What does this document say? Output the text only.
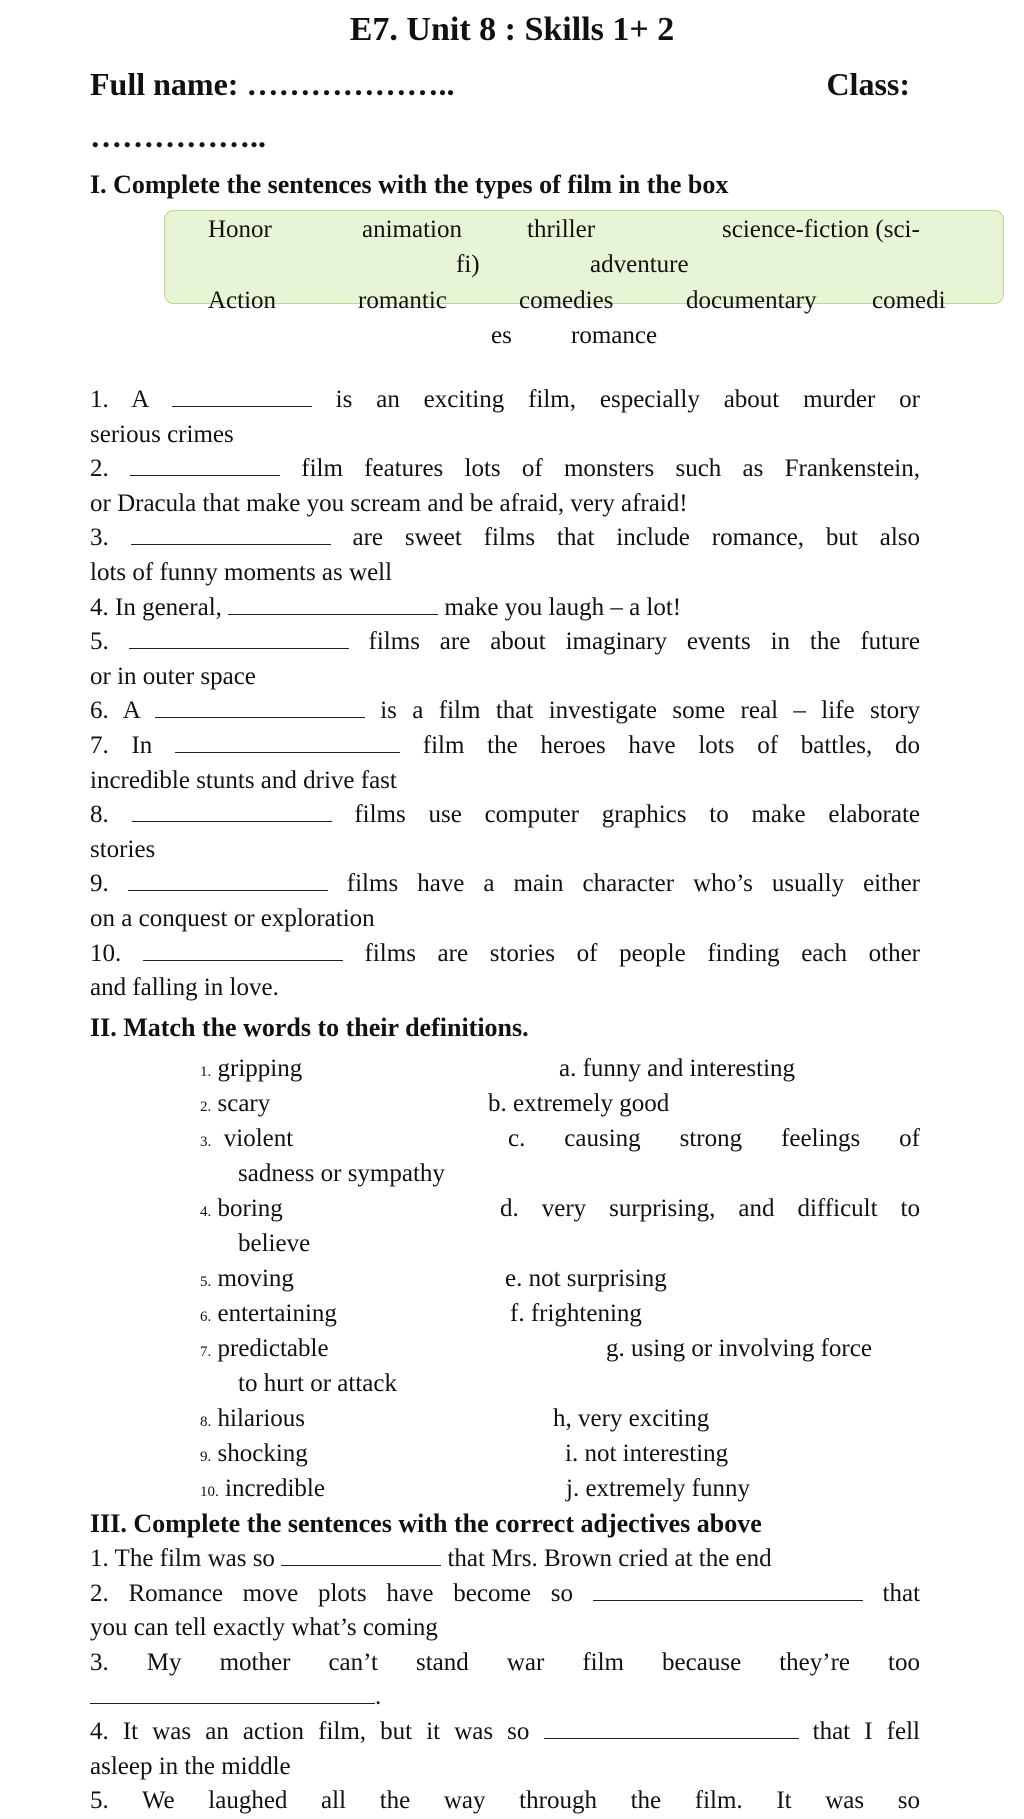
E7. Unit 8 : Skills 1+ 2
Full name: ………………..	Class:
……………..
I. Complete the sentences with the types of film in the box
Honor	animation	thriller	science-fiction (sci-
fi)	adventure
Action	romantic	comedies	documentary comedi
es romance
1. A	is an exciting film, especially about murder or
serious crimes
2.	film features lots of monsters such as Frankenstein,
or Dracula that make you scream and be afraid, very afraid!
3.	are sweet films that include romance, but also
lots of funny moments as well
4. In general,	make you laugh – a lot!
5.	films are about imaginary events in the future
or in outer space
6. A	is a film that investigate some real – life story
7. In	film the heroes have lots of battles, do
incredible stunts and drive fast
8.	films use computer graphics to make elaborate
stories
9.	films have a main character who’s usually either
on a conquest or exploration
10.	films are stories of people finding each other
and falling in love.
II. Match the words to their definitions.
1. gripping	a. funny and interesting
2. scary	b. extremely good
3. violent	c. causing strong feelings of
sadness or sympathy
4. boring	d. very surprising, and difficult to
believe
5. moving	e. not surprising
6. entertaining	f. frightening
7. predictable	g. using or involving force
to hurt or attack
8. hilarious	h, very exciting
9. shocking	i. not interesting
10. incredible	j. extremely funny
III. Complete the sentences with the correct adjectives above
1. The film was so	that Mrs. Brown cried at the end
2. Romance move plots have become so	that
you can tell exactly what’s coming
3. My mother can’t stand war film because they’re too
.
4. It was an action film, but it was so	that I fell
asleep in the middle
5. We laughed all the way through the film. It was so
